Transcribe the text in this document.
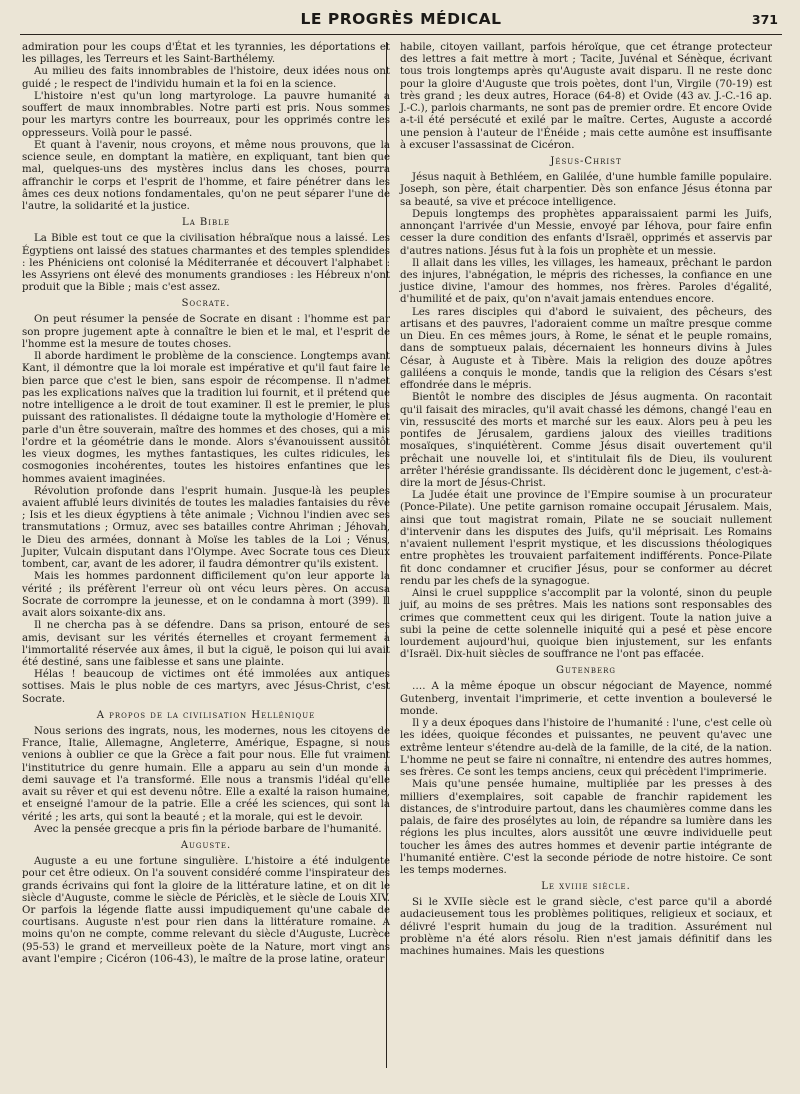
LE PROGRÈS MÉDICAL	371

admiration pour les coups d'État et les tyrannies, les déportations et les pillages, les Terreurs et les Saint-Barthélemy.

Au milieu des faits innombrables de l'histoire, deux idées nous ont guidé ; le respect de l'individu humain et la foi en la science.

L'histoire n'est qu'un long martyrologe. La pauvre humanité a souffert de maux innombrables. Notre parti est pris. Nous sommes pour les martyrs contre les bourreaux, pour les opprimés contre les oppresseurs. Voilà pour le passé.

Et quant à l'avenir, nous croyons, et même nous prouvons, que la science seule, en domptant la matière, en expliquant, tant bien que mal, quelques-uns des mystères inclus dans les choses, pourra affranchir le corps et l'esprit de l'homme, et faire pénétrer dans les âmes ces deux notions fondamentales, qu'on ne peut séparer l'une de l'autre, la solidarité et la justice.

La Bible

La Bible est tout ce que la civilisation hébraïque nous a laissé. Les Égyptiens ont laissé des statues charmantes et des temples splendides : les Phéniciens ont colonisé la Méditerranée et découvert l'alphabet : les Assyriens ont élevé des monuments grandioses : les Hébreux n'ont produit que la Bible ; mais c'est assez.

Socrate.

On peut résumer la pensée de Socrate en disant : l'homme est par son propre jugement apte à connaître le bien et le mal, et l'esprit de l'homme est la mesure de toutes choses.

Il aborde hardiment le problème de la conscience. Longtemps avant Kant, il démontre que la loi morale est impérative et qu'il faut faire le bien parce que c'est le bien, sans espoir de récompense. Il n'admet pas les explications naïves que la tradition lui fournit, et il prétend que notre intelligence a le droit de tout examiner. Il est le premier, le plus puissant des rationalistes. Il dédaigne toute la mythologie d'Homère et parle d'un être souverain, maître des hommes et des choses, qui a mis l'ordre et la géométrie dans le monde. Alors s'évanouissent aussitôt les vieux dogmes, les mythes fantastiques, les cultes ridicules, les cosmogonies incohérentes, toutes les histoires enfantines que les hommes avaient imaginées.

Révolution profonde dans l'esprit humain. Jusque-là les peuples avaient affublé leurs divinités de toutes les maladies fantaisies du rêve ; Isis et les dieux égyptiens à tête animale ; Vichnou l'indien avec ses transmutations ; Ormuz, avec ses batailles contre Ahriman ; Jéhovah, le Dieu des armées, donnant à Moïse les tables de la Loi ; Vénus, Jupiter, Vulcain disputant dans l'Olympe. Avec Socrate tous ces Dieux tombent, car, avant de les adorer, il faudra démontrer qu'ils existent.

Mais les hommes pardonnent difficilement qu'on leur apporte la vérité ; ils préfèrent l'erreur où ont vécu leurs pères. On accusa Socrate de corrompre la jeunesse, et on le condamna à mort (399). Il avait alors soixante-dix ans.

Il ne chercha pas à se défendre. Dans sa prison, entouré de ses amis, devisant sur les vérités éternelles et croyant fermement à l'immortalité réservée aux âmes, il but la ciguë, le poison qui lui avait été destiné, sans une faiblesse et sans une plainte.

Hélas ! beaucoup de victimes ont été immolées aux antiques sottises. Mais le plus noble de ces martyrs, avec Jésus-Christ, c'est Socrate.

A propos de la civilisation Hellénique

Nous serions des ingrats, nous, les modernes, nous les citoyens de France, Italie, Allemagne, Angleterre, Amérique, Espagne, si nous venions à oublier ce que la Grèce a fait pour nous. Elle fut vraiment l'institutrice du genre humain. Elle a apparu au sein d'un monde à demi sauvage et l'a transformé. Elle nous a transmis l'idéal qu'elle avait su rêver et qui est devenu nôtre. Elle a exalté la raison humaine, et enseigné l'amour de la patrie. Elle a créé les sciences, qui sont la vérité ; les arts, qui sont la beauté ; et la morale, qui est le devoir.

Avec la pensée grecque a pris fin la période barbare de l'humanité.

Auguste.

Auguste a eu une fortune singulière. L'histoire a été indulgente pour cet être odieux. On l'a souvent considéré comme l'inspirateur des grands écrivains qui font la gloire de la littérature latine, et on dit le siècle d'Auguste, comme le siècle de Périclès, et le siècle de Louis XIV. Or parfois la légende flatte aussi impudiquement qu'une cabale de courtisans. Auguste n'est pour rien dans la littérature romaine. A moins qu'on ne compte, comme relevant du siècle d'Auguste, Lucrèce (95-53) le grand et merveilleux poète de la Nature, mort vingt ans avant l'empire ; Cicéron (106-43), le maître de la prose latine, orateur

habile, citoyen vaillant, parfois héroïque, que cet étrange protecteur des lettres a fait mettre à mort ; Tacite, Juvénal et Sénèque, écrivant tous trois longtemps après qu'Auguste avait disparu. Il ne reste donc pour la gloire d'Auguste que trois poètes, dont l'un, Virgile (70-19) est très grand ; les deux autres, Horace (64-8) et Ovide (43 av. J.-C.-16 ap. J.-C.), parlois charmants, ne sont pas de premier ordre. Et encore Ovide a-t-il été persécuté et exilé par le maître. Certes, Auguste a accordé une pension à l'auteur de l'Énéide ; mais cette aumône est insuffisante à excuser l'assassinat de Cicéron.

Jésus-Christ

Jésus naquit à Bethléem, en Galilée, d'une humble famille populaire. Joseph, son père, était charpentier. Dès son enfance Jésus étonna par sa beauté, sa vive et précoce intelligence.

Depuis longtemps des prophètes apparaissaient parmi les Juifs, annonçant l'arrivée d'un Messie, envoyé par Iéhova, pour faire enfin cesser la dure condition des enfants d'Israël, opprimés et asservis par d'autres nations. Jésus fut à la fois un prophète et un messie.

Il allait dans les villes, les villages, les hameaux, prêchant le pardon des injures, l'abnégation, le mépris des richesses, la confiance en une justice divine, l'amour des hommes, nos frères. Paroles d'égalité, d'humilité et de paix, qu'on n'avait jamais entendues encore.

Les rares disciples qui d'abord le suivaient, des pêcheurs, des artisans et des pauvres, l'adoraient comme un maître presque comme un Dieu. En ces mêmes jours, à Rome, le sénat et le peuple romains, dans de somptueux palais, décernaient les honneurs divins à Jules César, à Auguste et à Tibère. Mais la religion des douze apôtres galiléens a conquis le monde, tandis que la religion des Césars s'est effondrée dans le mépris.

Bientôt le nombre des disciples de Jésus augmenta. On racontait qu'il faisait des miracles, qu'il avait chassé les démons, changé l'eau en vin, ressuscité des morts et marché sur les eaux. Alors peu à peu les pontifes de Jérusalem, gardiens jaloux des vieilles traditions mosaïques, s'inquiétèrent. Comme Jésus disait ouvertement qu'il prêchait une nouvelle loi, et s'intitulait fils de Dieu, ils voulurent arrêter l'hérésie grandissante. Ils décidèrent donc le jugement, c'est-à-dire la mort de Jésus-Christ.

La Judée était une province de l'Empire soumise à un procurateur (Ponce-Pilate). Une petite garnison romaine occupait Jérusalem. Mais, ainsi que tout magistrat romain, Pilate ne se souciait nullement d'intervenir dans les disputes des Juifs, qu'il méprisait. Les Romains n'avaient nullement l'esprit mystique, et les discussions théologiques entre prophètes les trouvaient parfaitement indifférents. Ponce-Pilate fit donc condamner et crucifier Jésus, pour se conformer au décret rendu par les chefs de la synagogue.

Ainsi le cruel suppplice s'accomplit par la volonté, sinon du peuple juif, au moins de ses prêtres. Mais les nations sont responsables des crimes que commettent ceux qui les dirigent. Toute la nation juive a subi la peine de cette solennelle iniquité qui a pesé et pèse encore lourdement aujourd'hui, quoique bien injustement, sur les enfants d'Israël. Dix-huit siècles de souffrance ne l'ont pas effacée.

Gutenberg

…. A la même époque un obscur négociant de Mayence, nommé Gutenberg, inventait l'imprimerie, et cette invention a bouleversé le monde.

Il y a deux époques dans l'histoire de l'humanité : l'une, c'est celle où les idées, quoique fécondes et puissantes, ne peuvent qu'avec une extrême lenteur s'étendre au-delà de la famille, de la cité, de la nation. L'homme ne peut se faire ni connaître, ni entendre des autres hommes, ses frères. Ce sont les temps anciens, ceux qui précèdent l'imprimerie.

Mais qu'une pensée humaine, multipliée par les presses à des milliers d'exemplaires, soit capable de franchir rapidement les distances, de s'introduire partout, dans les chaumières comme dans les palais, de faire des prosélytes au loin, de répandre sa lumière dans les régions les plus incultes, alors aussitôt une œuvre individuelle peut toucher les âmes des autres hommes et devenir partie intégrante de l'humanité entière. C'est la seconde période de notre histoire. Ce sont les temps modernes.

Le xviiie siècle.

Si le XVIIe siècle est le grand siècle, c'est parce qu'il a abordé audacieusement tous les problèmes politiques, religieux et sociaux, et délivré l'esprit humain du joug de la tradition. Assurément nul problème n'a été alors résolu. Rien n'est jamais définitif dans les machines humaines. Mais les questions
